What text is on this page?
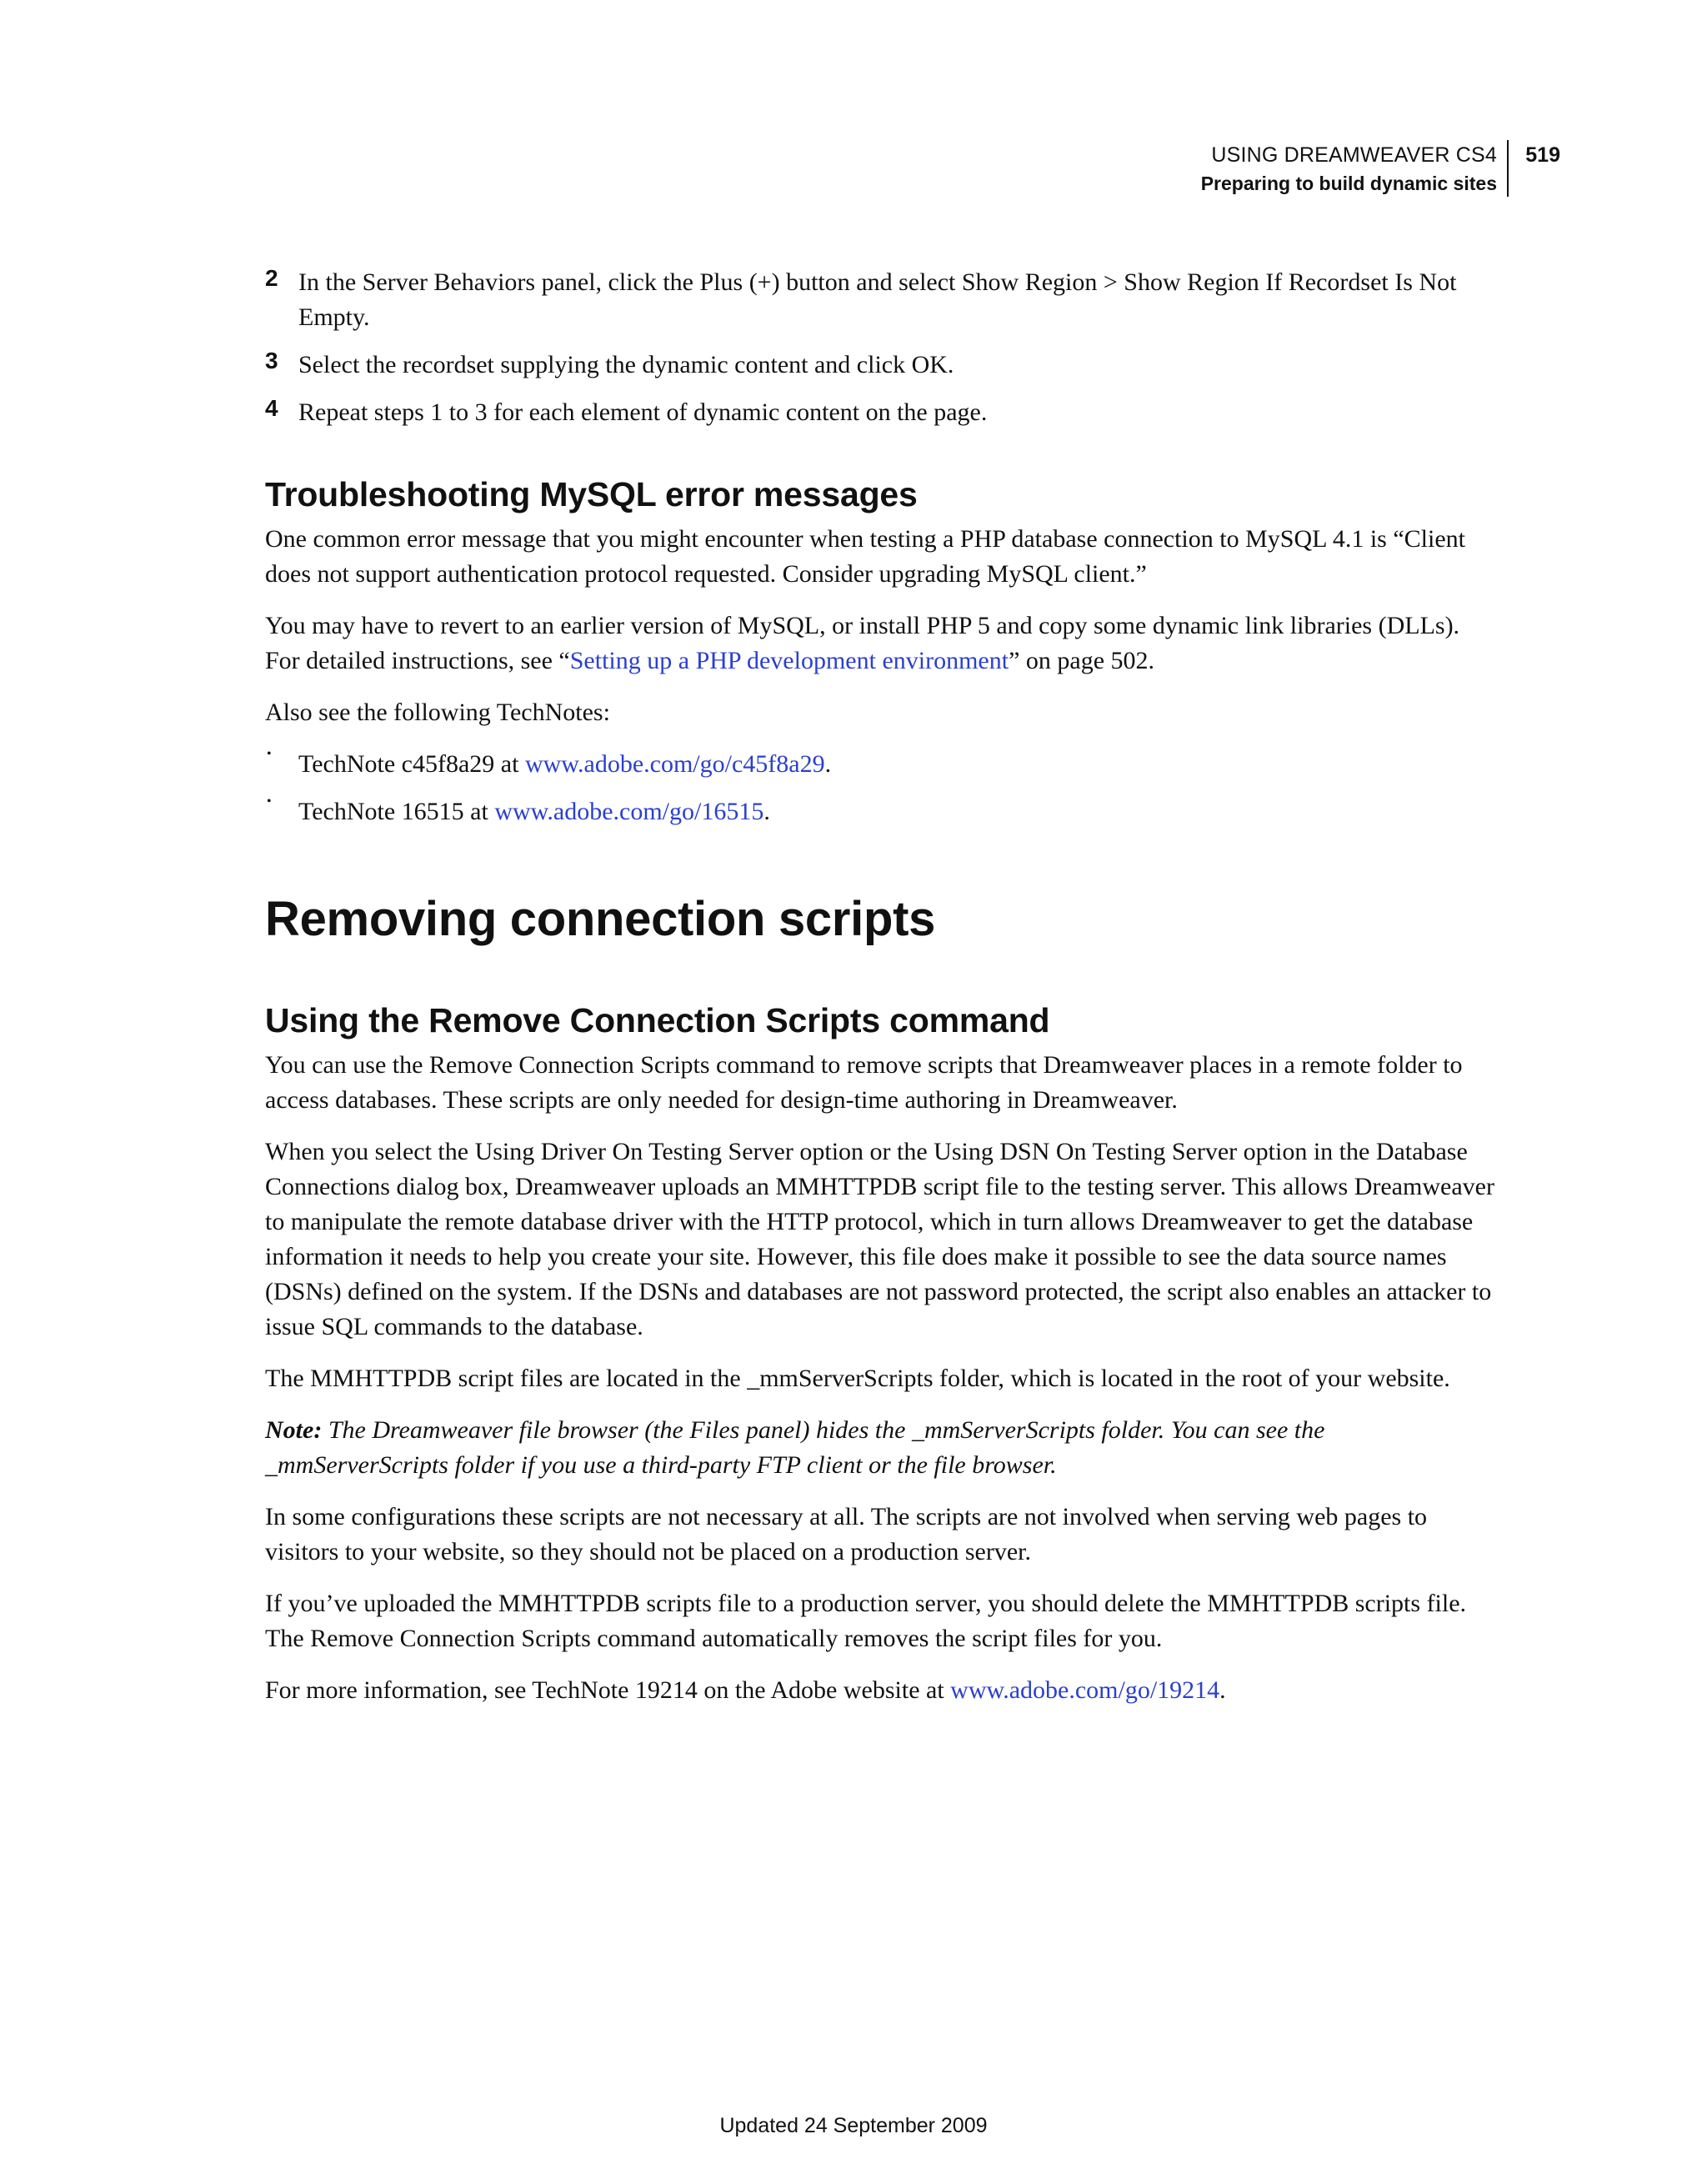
USING DREAMWEAVER CS4
Preparing to build dynamic sites
519
2 In the Server Behaviors panel, click the Plus (+) button and select Show Region > Show Region If Recordset Is Not Empty.

3 Select the recordset supplying the dynamic content and click OK.

4 Repeat steps 1 to 3 for each element of dynamic content on the page.

Troubleshooting MySQL error messages

One common error message that you might encounter when testing a PHP database connection to MySQL 4.1 is “Client does not support authentication protocol requested. Consider upgrading MySQL client.”

You may have to revert to an earlier version of MySQL, or install PHP 5 and copy some dynamic link libraries (DLLs). For detailed instructions, see “Setting up a PHP development environment” on page 502.

Also see the following TechNotes:

• TechNote c45f8a29 at www.adobe.com/go/c45f8a29.

• TechNote 16515 at www.adobe.com/go/16515.

Removing connection scripts
Using the Remove Connection Scripts command

You can use the Remove Connection Scripts command to remove scripts that Dreamweaver places in a remote folder to access databases. These scripts are only needed for design-time authoring in Dreamweaver.

When you select the Using Driver On Testing Server option or the Using DSN On Testing Server option in the Database Connections dialog box, Dreamweaver uploads an MMHTTPDB script file to the testing server. This allows Dreamweaver to manipulate the remote database driver with the HTTP protocol, which in turn allows Dreamweaver to get the database information it needs to help you create your site. However, this file does make it possible to see the data source names (DSNs) defined on the system. If the DSNs and databases are not password protected, the script also enables an attacker to issue SQL commands to the database.

The MMHTTPDB script files are located in the _mmServerScripts folder, which is located in the root of your website.

Note: The Dreamweaver file browser (the Files panel) hides the _mmServerScripts folder. You can see the _mmServerScripts folder if you use a third-party FTP client or the file browser.

In some configurations these scripts are not necessary at all. The scripts are not involved when serving web pages to visitors to your website, so they should not be placed on a production server.

If you’ve uploaded the MMHTTPDB scripts file to a production server, you should delete the MMHTTPDB scripts file. The Remove Connection Scripts command automatically removes the script files for you.

For more information, see TechNote 19214 on the Adobe website at www.adobe.com/go/19214.

Updated 24 September 2009
